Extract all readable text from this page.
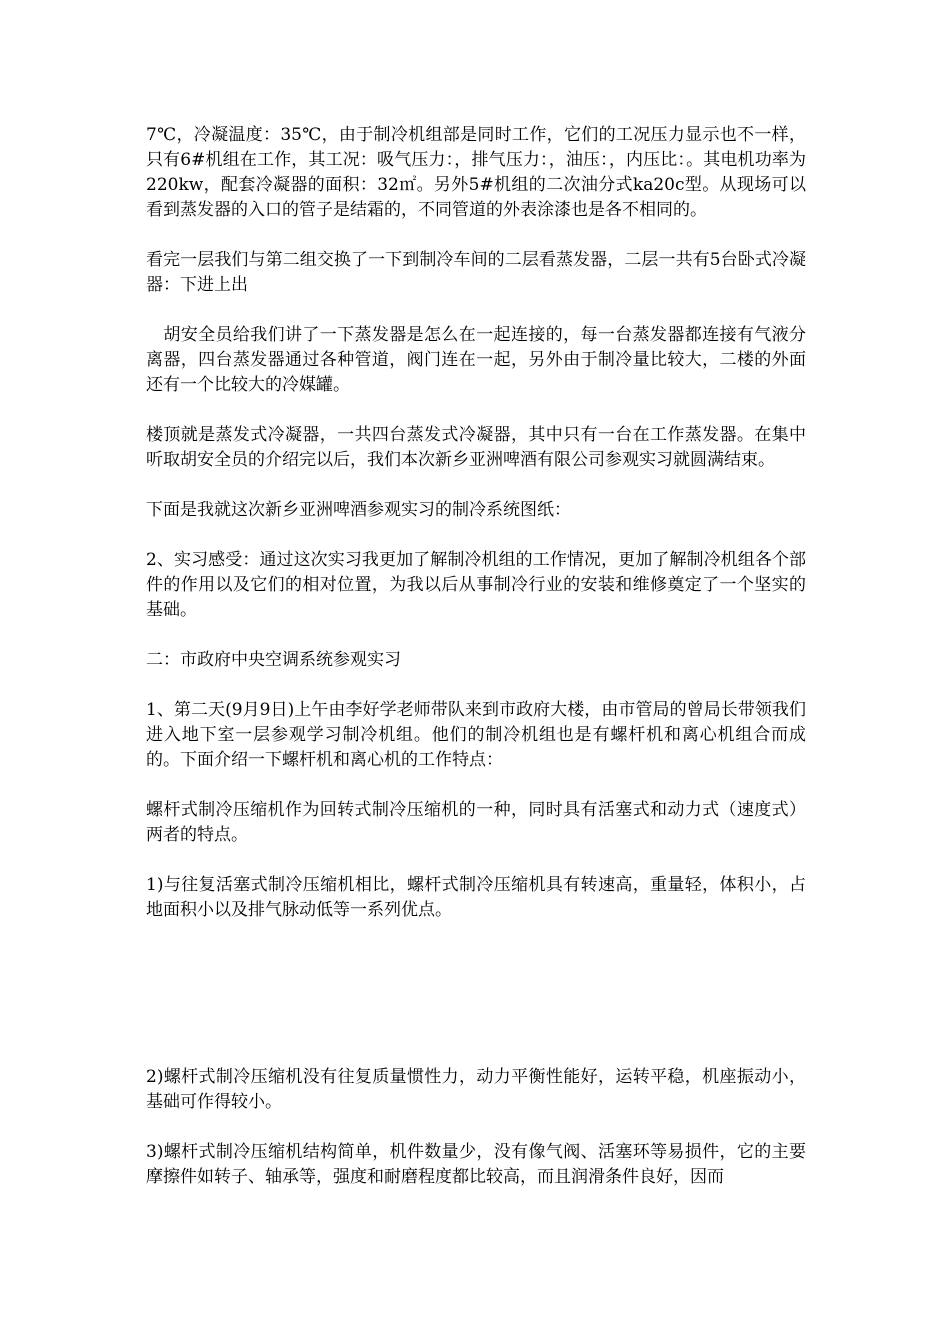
7℃，冷凝温度：35℃，由于制冷机组部是同时工作，它们的工况压力显示也不一样，只有6#机组在工作，其工况：吸气压力：，排气压力：，油压：，内压比：。其电机功率为220kw，配套冷凝器的面积：32㎡。另外5#机组的二次油分式ka20c型。从现场可以看到蒸发器的入口的管子是结霜的，不同管道的外表涂漆也是各不相同的。

看完一层我们与第二组交换了一下到制冷车间的二层看蒸发器，二层一共有5台卧式冷凝器：下进上出

　胡安全员给我们讲了一下蒸发器是怎么在一起连接的，每一台蒸发器都连接有气液分离器，四台蒸发器通过各种管道，阀门连在一起，另外由于制冷量比较大，二楼的外面还有一个比较大的冷媒罐。

楼顶就是蒸发式冷凝器，一共四台蒸发式冷凝器，其中只有一台在工作蒸发器。在集中听取胡安全员的介绍完以后，我们本次新乡亚洲啤酒有限公司参观实习就圆满结束。

下面是我就这次新乡亚洲啤酒参观实习的制冷系统图纸：

2、实习感受：通过这次实习我更加了解制冷机组的工作情况，更加了解制冷机组各个部件的作用以及它们的相对位置，为我以后从事制冷行业的安装和维修奠定了一个坚实的基础。

二：市政府中央空调系统参观实习

1、第二天(9月9日)上午由李好学老师带队来到市政府大楼，由市管局的曾局长带领我们进入地下室一层参观学习制冷机组。他们的制冷机组也是有螺杆机和离心机组合而成的。下面介绍一下螺杆机和离心机的工作特点：

螺杆式制冷压缩机作为回转式制冷压缩机的一种，同时具有活塞式和动力式（速度式）两者的特点。

1)与往复活塞式制冷压缩机相比，螺杆式制冷压缩机具有转速高，重量轻，体积小，占地面积小以及排气脉动低等一系列优点。

2)螺杆式制冷压缩机没有往复质量惯性力，动力平衡性能好，运转平稳，机座振动小，基础可作得较小。

3)螺杆式制冷压缩机结构简单，机件数量少，没有像气阀、活塞环等易损件，它的主要摩擦件如转子、轴承等，强度和耐磨程度都比较高，而且润滑条件良好，因而
